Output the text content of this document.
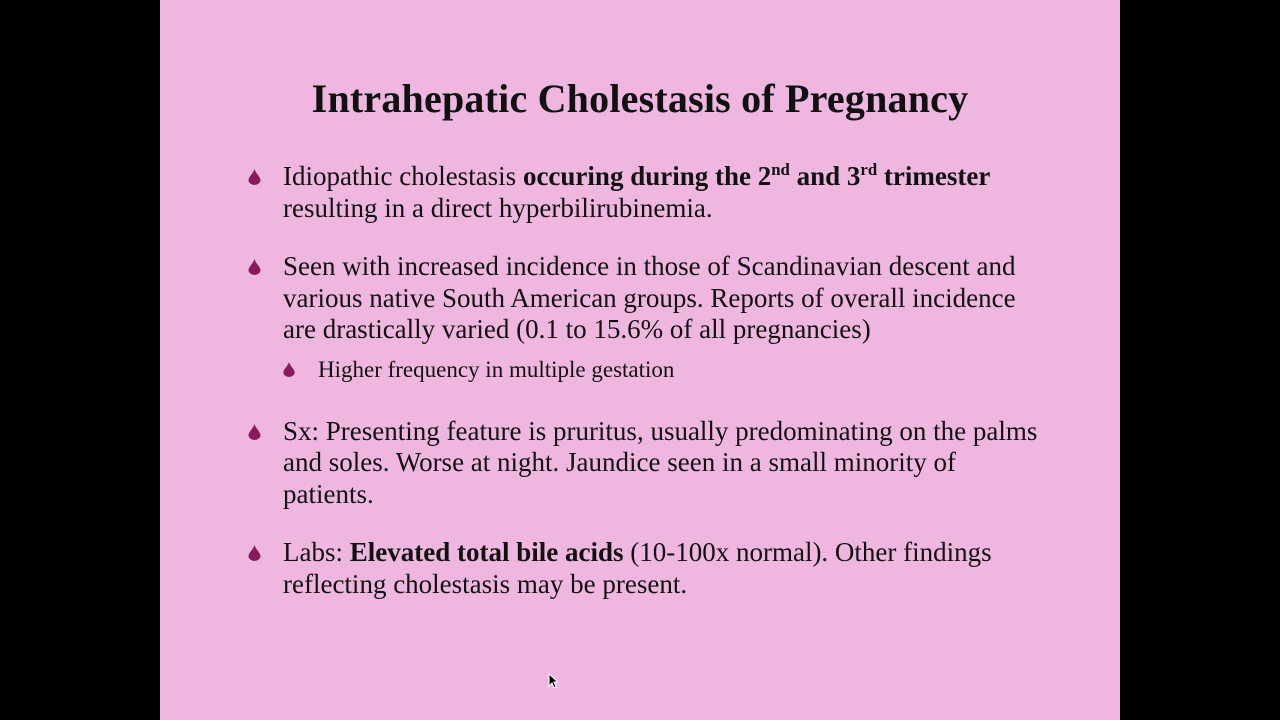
Intrahepatic Cholestasis of Pregnancy
Idiopathic cholestasis occuring during the 2nd and 3rd trimester resulting in a direct hyperbilirubinemia.
Seen with increased incidence in those of Scandinavian descent and various native South American groups. Reports of overall incidence are drastically varied (0.1 to 15.6% of all pregnancies)
Higher frequency in multiple gestation
Sx: Presenting feature is pruritus, usually predominating on the palms and soles. Worse at night. Jaundice seen in a small minority of patients.
Labs: Elevated total bile acids (10-100x normal). Other findings reflecting cholestasis may be present.
